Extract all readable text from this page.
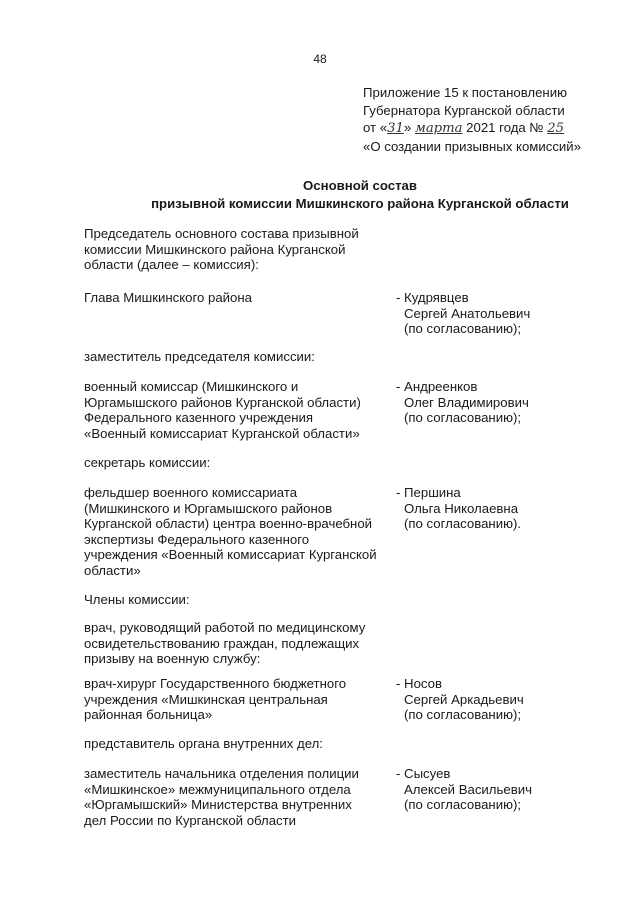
48
Приложение 15 к постановлению
Губернатора Курганской области
от «31» марта 2021 года № 25
«О создании призывных комиссий»
Основной состав
призывной комиссии Мишкинского района Курганской области
Председатель основного состава призывной
комиссии Мишкинского района Курганской
области (далее – комиссия):
Глава Мишкинского района	- Кудрявцев
Сергей Анатольевич
(по согласованию);
заместитель председателя комиссии:
военный комиссар (Мишкинского и
Юргамышского районов Курганской области)
Федерального казенного учреждения
«Военный комиссариат Курганской области»
- Андреенков
Олег Владимирович
(по согласованию);
секретарь комиссии:
фельдшер военного комиссариата
(Мишкинского и Юргамышского районов
Курганской области) центра военно-врачебной
экспертизы Федерального казенного
учреждения «Военный комиссариат Курганской
области»
- Першина
Ольга Николаевна
(по согласованию).
Члены комиссии:
врач, руководящий работой по медицинскому
освидетельствованию граждан, подлежащих
призыву на военную службу:
врач-хирург Государственного бюджетного
учреждения «Мишкинская центральная
районная больница»
- Носов
Сергей Аркадьевич
(по согласованию);
представитель органа внутренних дел:
заместитель начальника отделения полиции
«Мишкинское» межмуниципального отдела
«Юргамышский» Министерства внутренних
дел России по Курганской области
- Сысуев
Алексей Васильевич
(по согласованию);
